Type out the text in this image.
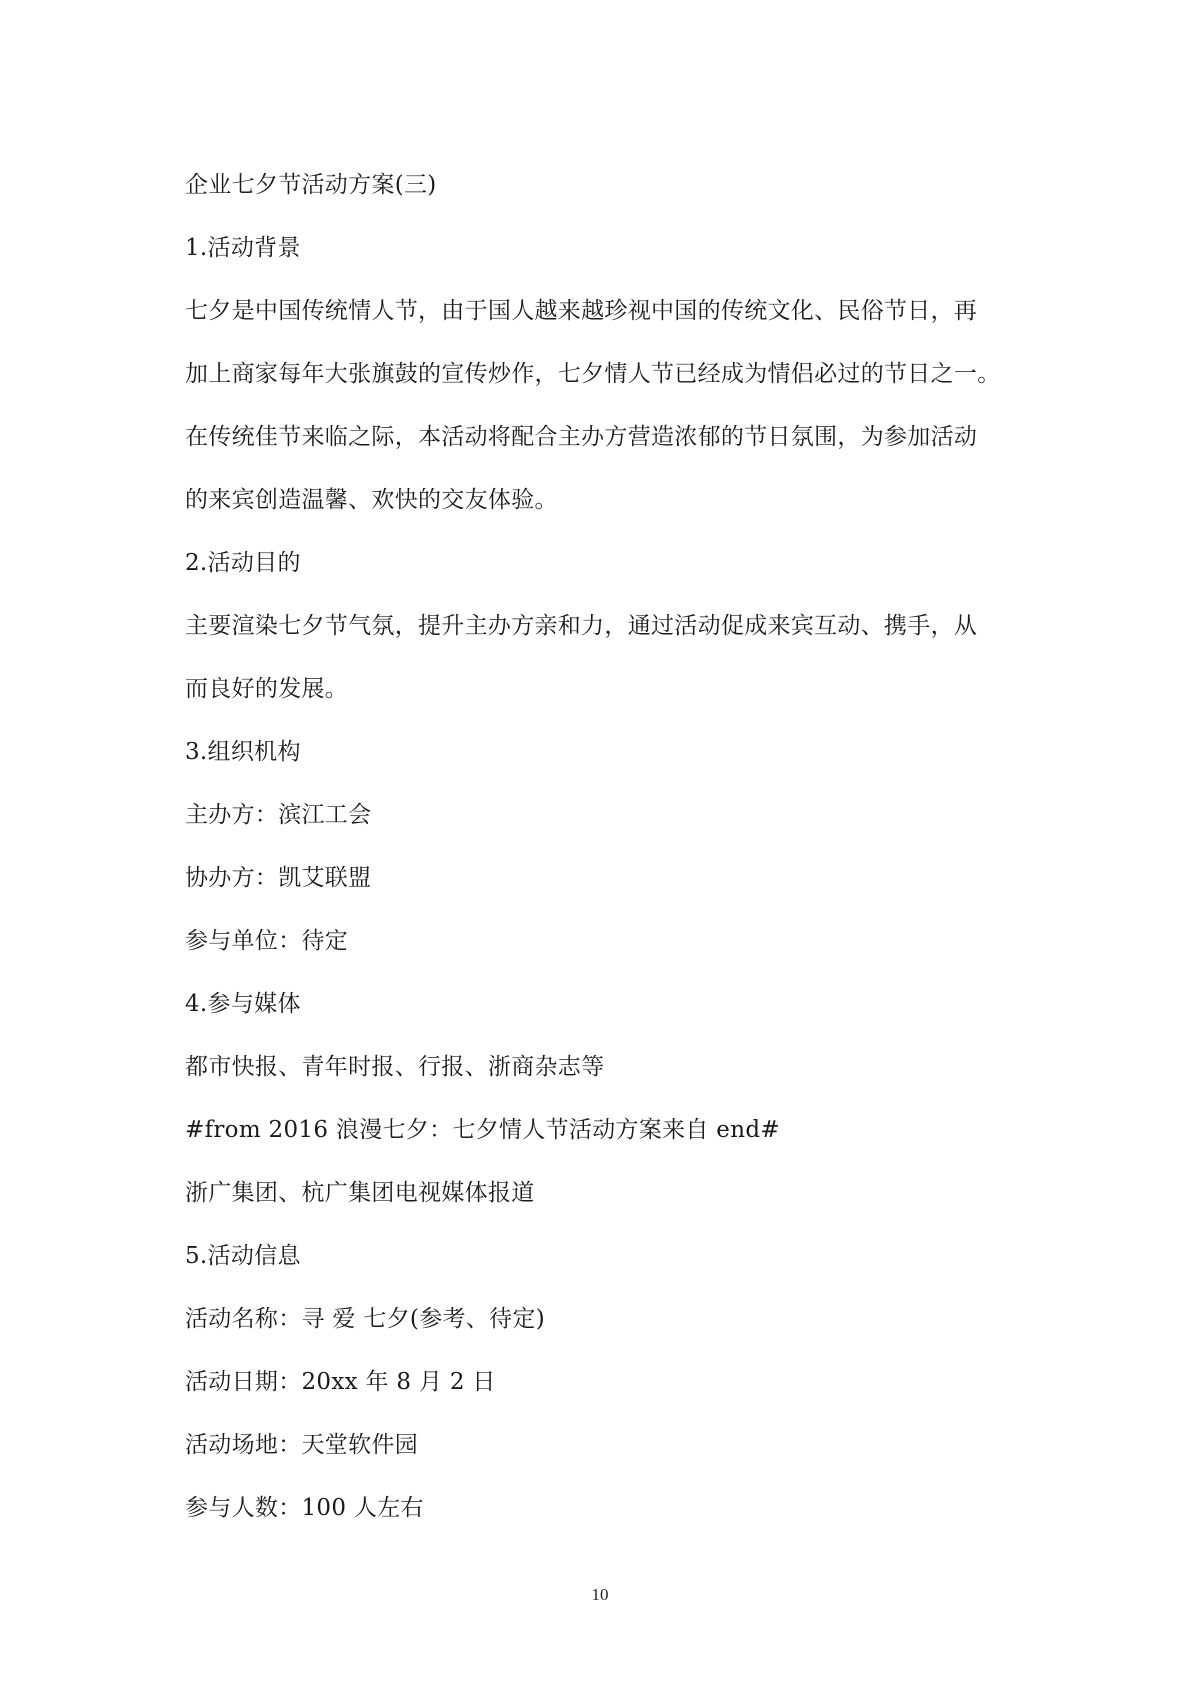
企业七夕节活动方案(三)
1.活动背景
七夕是中国传统情人节，由于国人越来越珍视中国的传统文化、民俗节日，再
加上商家每年大张旗鼓的宣传炒作，七夕情人节已经成为情侣必过的节日之一。
在传统佳节来临之际，本活动将配合主办方营造浓郁的节日氛围，为参加活动
的来宾创造温馨、欢快的交友体验。
2.活动目的
主要渲染七夕节气氛，提升主办方亲和力，通过活动促成来宾互动、携手，从
而良好的发展。
3.组织机构
主办方：滨江工会
协办方：凯艾联盟
参与单位：待定
4.参与媒体
都市快报、青年时报、行报、浙商杂志等
#from 2016 浪漫七夕：七夕情人节活动方案来自 end#
浙广集团、杭广集团电视媒体报道
5.活动信息
活动名称：寻 爱 七夕(参考、待定)
活动日期：20xx 年 8 月 2 日
活动场地：天堂软件园
参与人数：100 人左右
10
